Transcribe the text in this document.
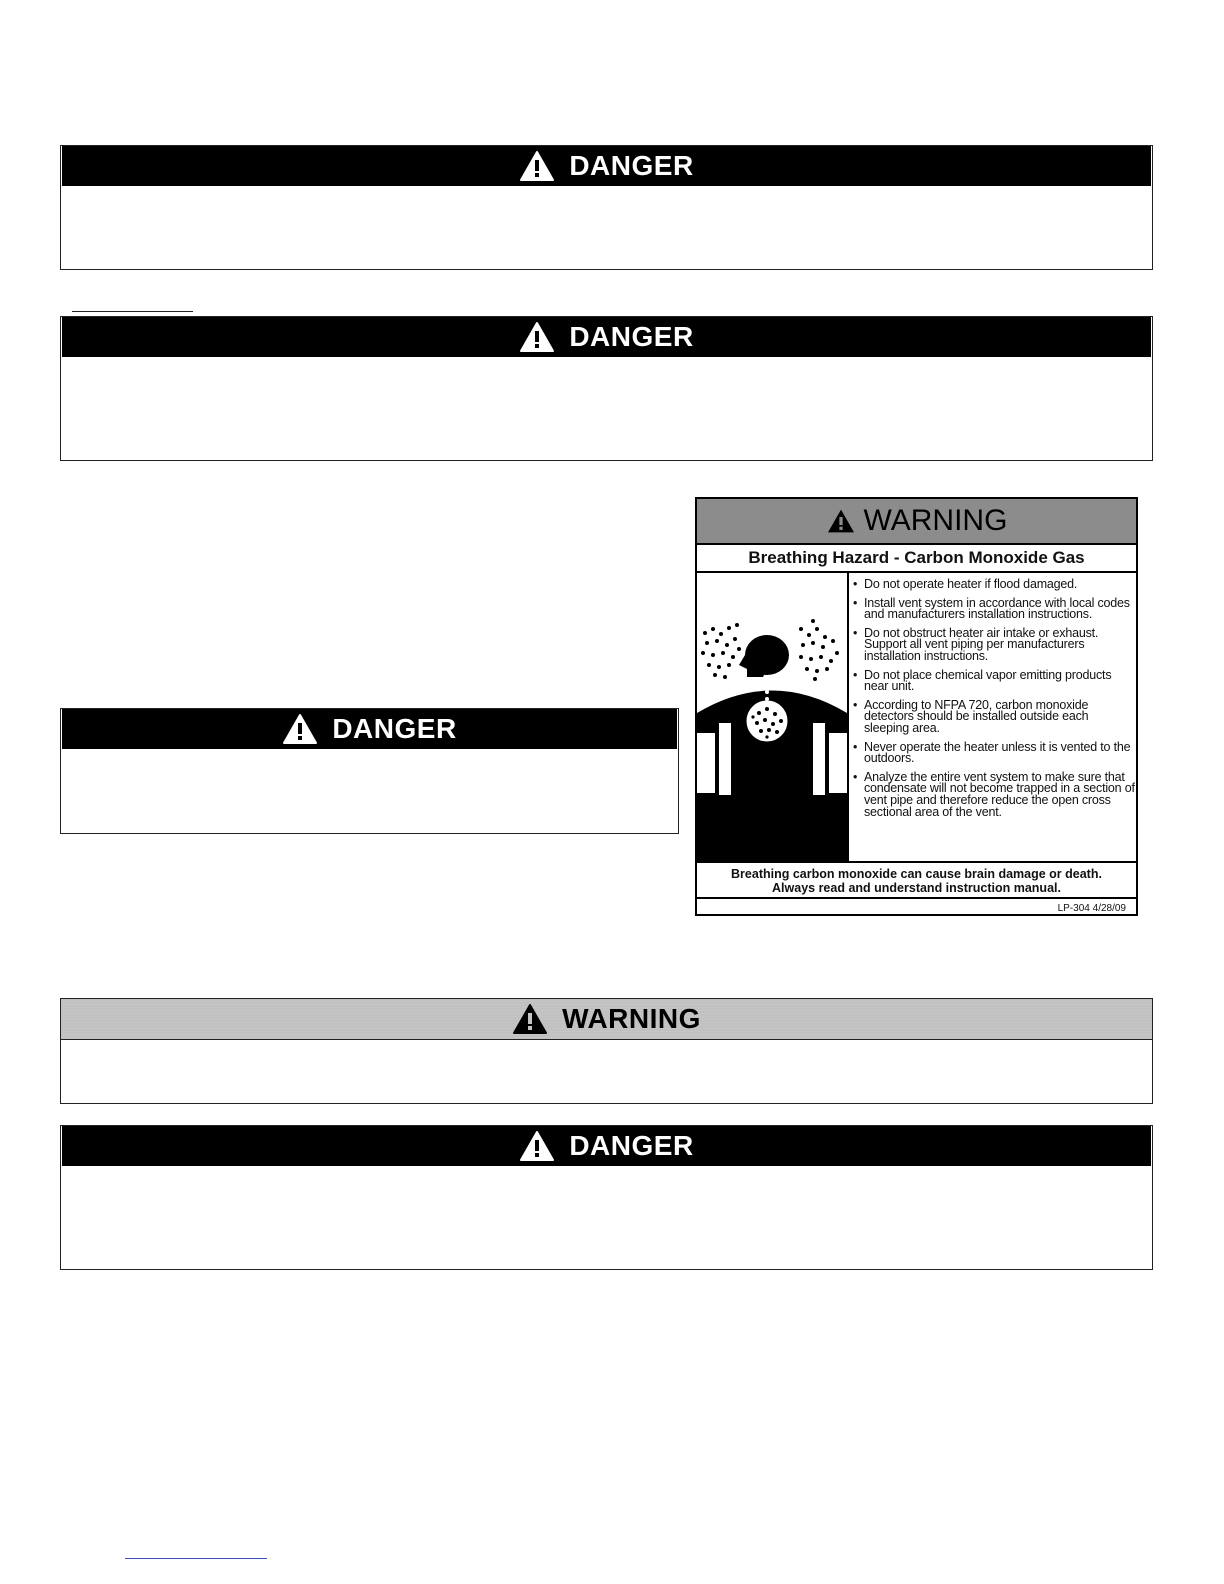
DANGER
DANGER
DANGER
WARNING
Breathing Hazard - Carbon Monoxide Gas
• Do not operate heater if flood damaged.
• Install vent system in accordance with local codes and manufacturers installation instructions.
• Do not obstruct heater air intake or exhaust. Support all vent piping per manufacturers installation instructions.
• Do not place chemical vapor emitting products near unit.
• According to NFPA 720, carbon monoxide detectors should be installed outside each sleeping area.
• Never operate the heater unless it is vented to the outdoors.
• Analyze the entire vent system to make sure that condensate will not become trapped in a section of vent pipe and therefore reduce the open cross sectional area of the vent.
Breathing carbon monoxide can cause brain damage or death.
Always read and understand instruction manual.
LP-304 4/28/09
WARNING
DANGER
